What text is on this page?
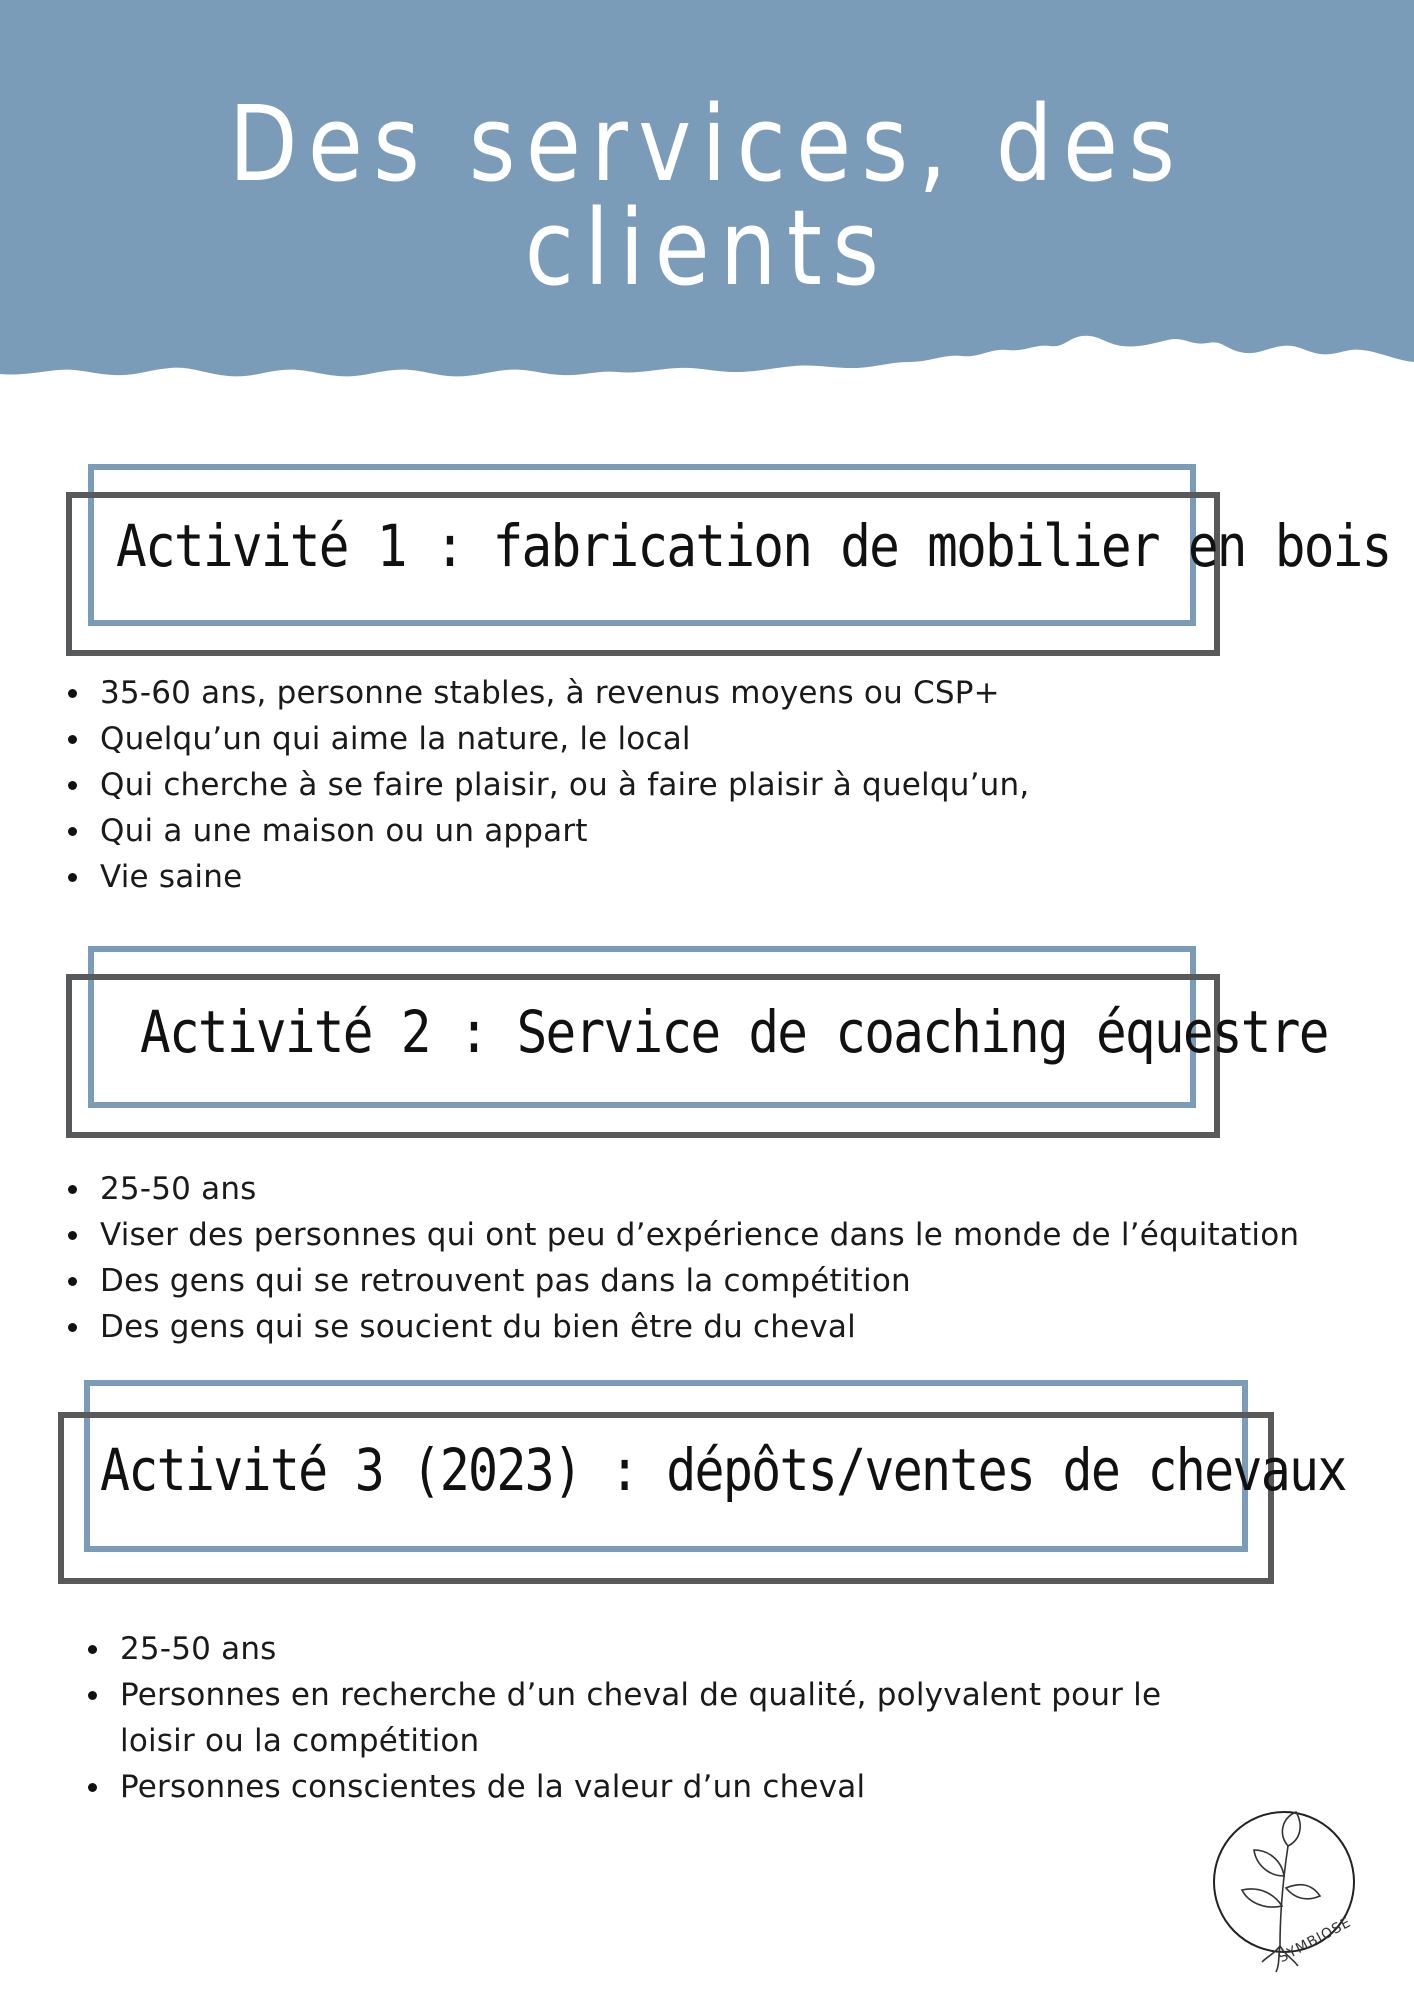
Des services, des clients
Activité 1 : fabrication de mobilier en bois
35-60 ans, personne stables, à revenus moyens ou CSP+
Quelqu’un qui aime la nature, le local
Qui cherche à se faire plaisir, ou à faire plaisir à quelqu’un,
Qui a une maison ou un appart
Vie saine
Activité 2 : Service de coaching équestre
25-50 ans
Viser des personnes qui ont peu d’expérience dans le monde de l’équitation
Des gens qui se retrouvent pas dans la compétition
Des gens qui se soucient du bien être du cheval
Activité 3 (2023) : dépôts/ventes de chevaux
25-50 ans
Personnes en recherche d’un cheval de qualité, polyvalent pour le loisir ou la compétition
Personnes conscientes de la valeur d’un cheval
SYMBIOSE
